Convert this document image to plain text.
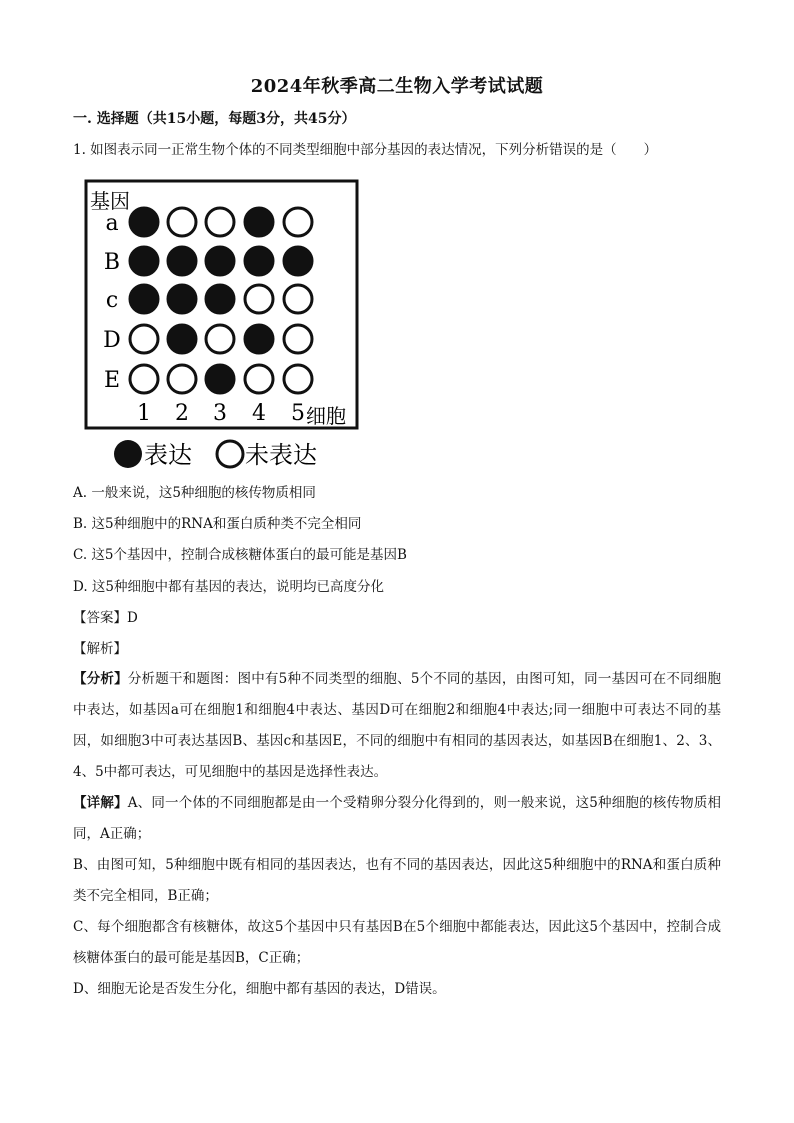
2024年秋季高二生物入学考试试题
一. 选择题（共15小题，每题3分，共45分）
1. 如图表示同一正常生物个体的不同类型细胞中部分基因的表达情况，下列分析错误的是（　　）
基因
a
B
c
D
E
1 2 3 4 5 细胞
表达 未表达
A. 一般来说，这5种细胞的核传物质相同
B. 这5种细胞中的RNA和蛋白质种类不完全相同
C. 这5个基因中，控制合成核糖体蛋白的最可能是基因B
D. 这5种细胞中都有基因的表达，说明均已高度分化
【答案】D
【解析】
【分析】分析题干和题图：图中有5种不同类型的细胞、5个不同的基因，由图可知，同一基因可在不同细胞中表达，如基因a可在细胞1和细胞4中表达、基因D可在细胞2和细胞4中表达;同一细胞中可表达不同的基因，如细胞3中可表达基因B、基因c和基因E，不同的细胞中有相同的基因表达，如基因B在细胞1、2、3、4、5中都可表达，可见细胞中的基因是选择性表达。
【详解】A、同一个体的不同细胞都是由一个受精卵分裂分化得到的，则一般来说，这5种细胞的核传物质相同，A正确；
B、由图可知，5种细胞中既有相同的基因表达，也有不同的基因表达，因此这5种细胞中的RNA和蛋白质种类不完全相同，B正确；
C、每个细胞都含有核糖体，故这5个基因中只有基因B在5个细胞中都能表达，因此这5个基因中，控制合成核糖体蛋白的最可能是基因B，C正确；
D、细胞无论是否发生分化，细胞中都有基因的表达，D错误。
